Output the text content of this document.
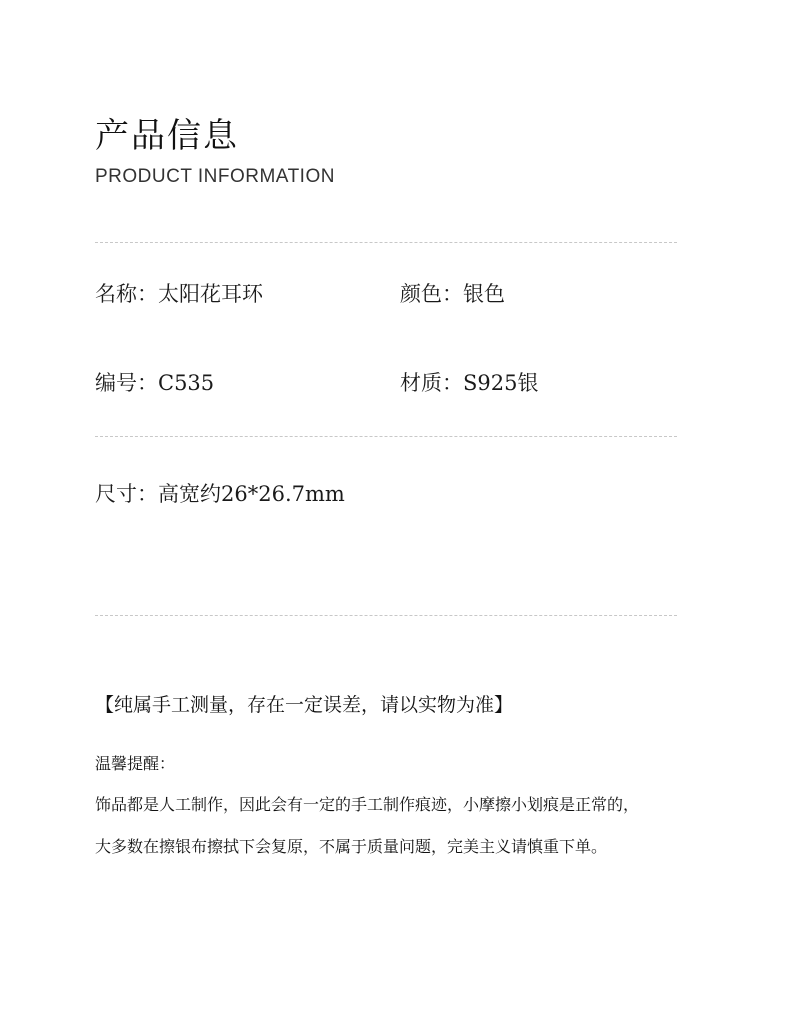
产品信息
PRODUCT INFORMATION
名称：太阳花耳环	颜色：银色
编号：C535	材质：S925银
尺寸：高宽约26*26.7mm
【纯属手工测量，存在一定误差，请以实物为准】
温馨提醒：
饰品都是人工制作，因此会有一定的手工制作痕迹，小摩擦小划痕是正常的，
大多数在擦银布擦拭下会复原，不属于质量问题，完美主义请慎重下单。
